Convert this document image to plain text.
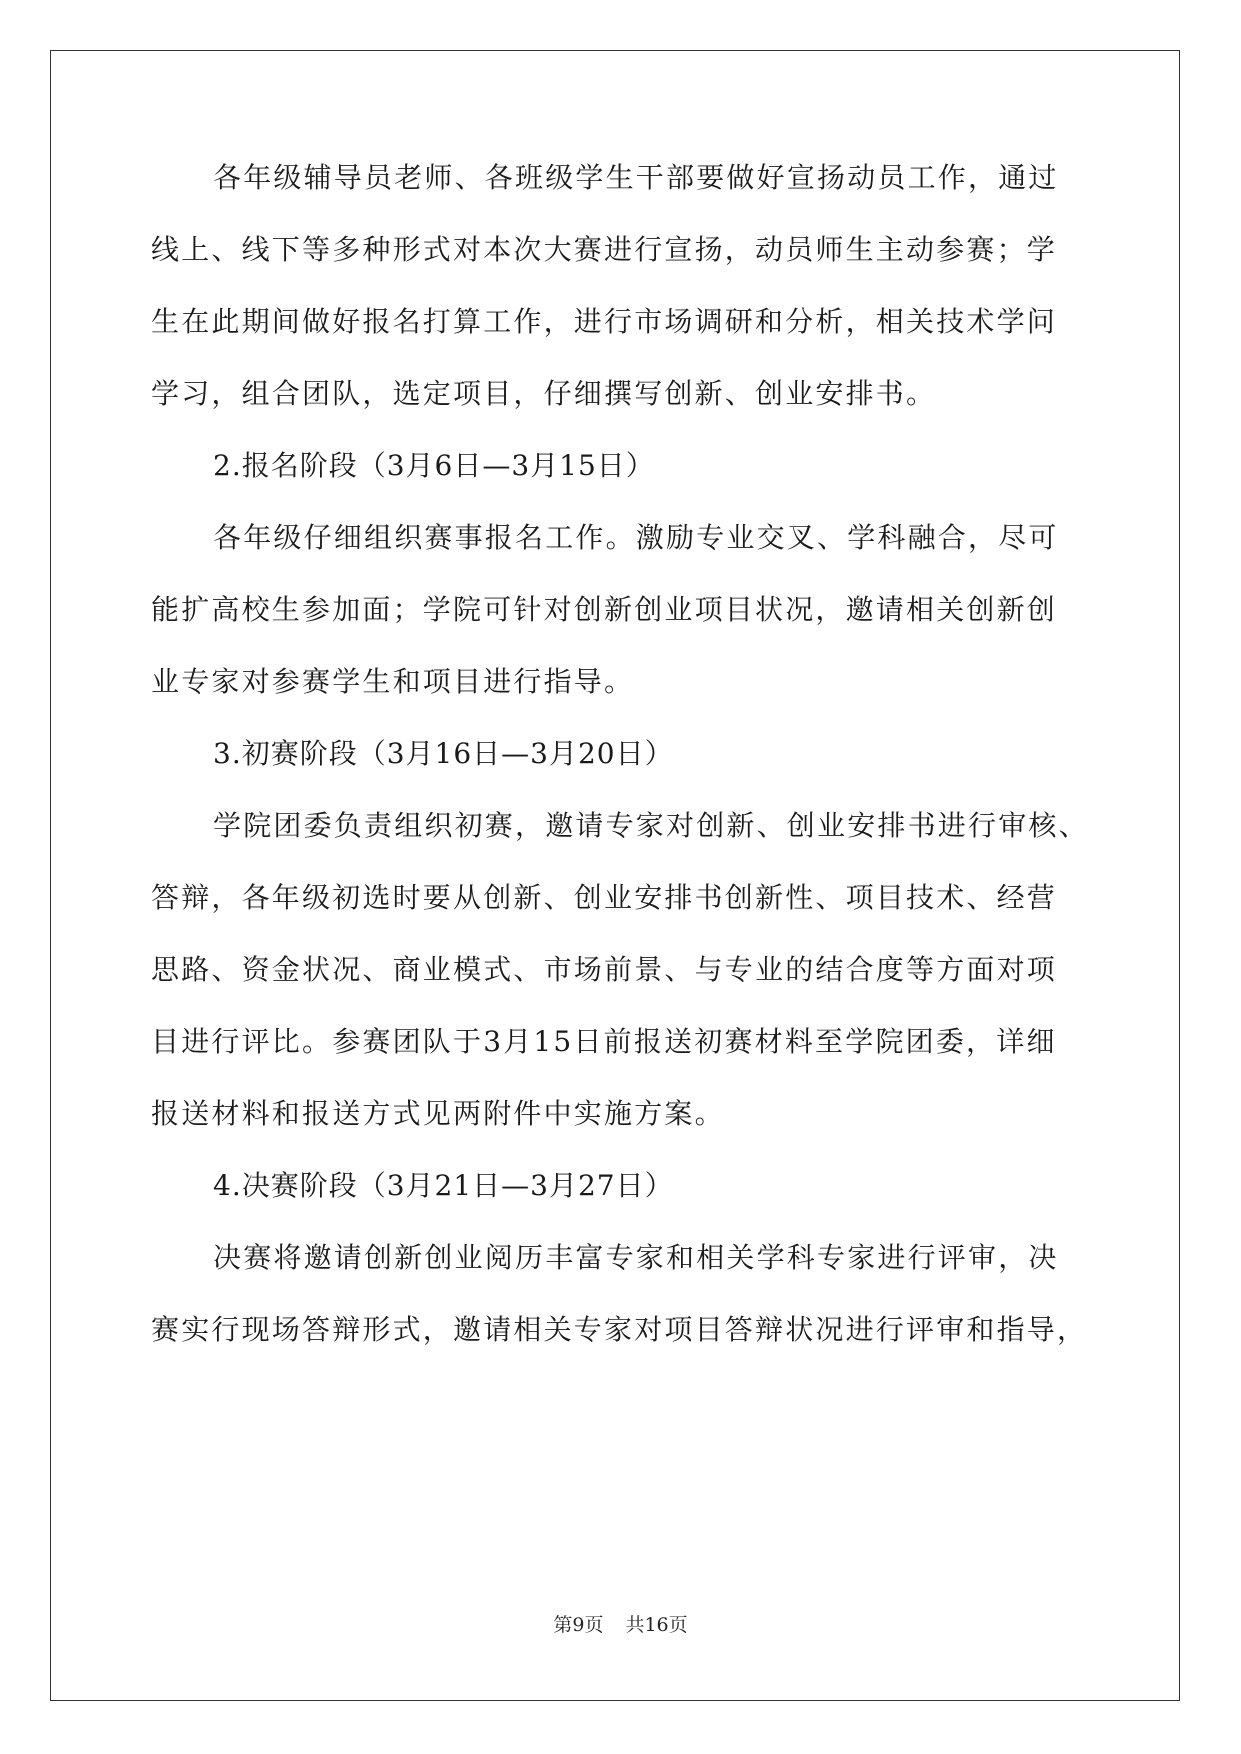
各年级辅导员老师、各班级学生干部要做好宣扬动员工作，通过
线上、线下等多种形式对本次大赛进行宣扬，动员师生主动参赛；学
生在此期间做好报名打算工作，进行市场调研和分析，相关技术学问
学习，组合团队，选定项目，仔细撰写创新、创业安排书。
2.报名阶段（3月6日—3月15日）
各年级仔细组织赛事报名工作。激励专业交叉、学科融合，尽可
能扩高校生参加面；学院可针对创新创业项目状况，邀请相关创新创
业专家对参赛学生和项目进行指导。
3.初赛阶段（3月16日—3月20日）
学院团委负责组织初赛，邀请专家对创新、创业安排书进行审核、
答辩，各年级初选时要从创新、创业安排书创新性、项目技术、经营
思路、资金状况、商业模式、市场前景、与专业的结合度等方面对项
目进行评比。参赛团队于3月15日前报送初赛材料至学院团委，详细
报送材料和报送方式见两附件中实施方案。
4.决赛阶段（3月21日—3月27日）
决赛将邀请创新创业阅历丰富专家和相关学科专家进行评审，决
赛实行现场答辩形式，邀请相关专家对项目答辩状况进行评审和指导，
第9页 共16页
